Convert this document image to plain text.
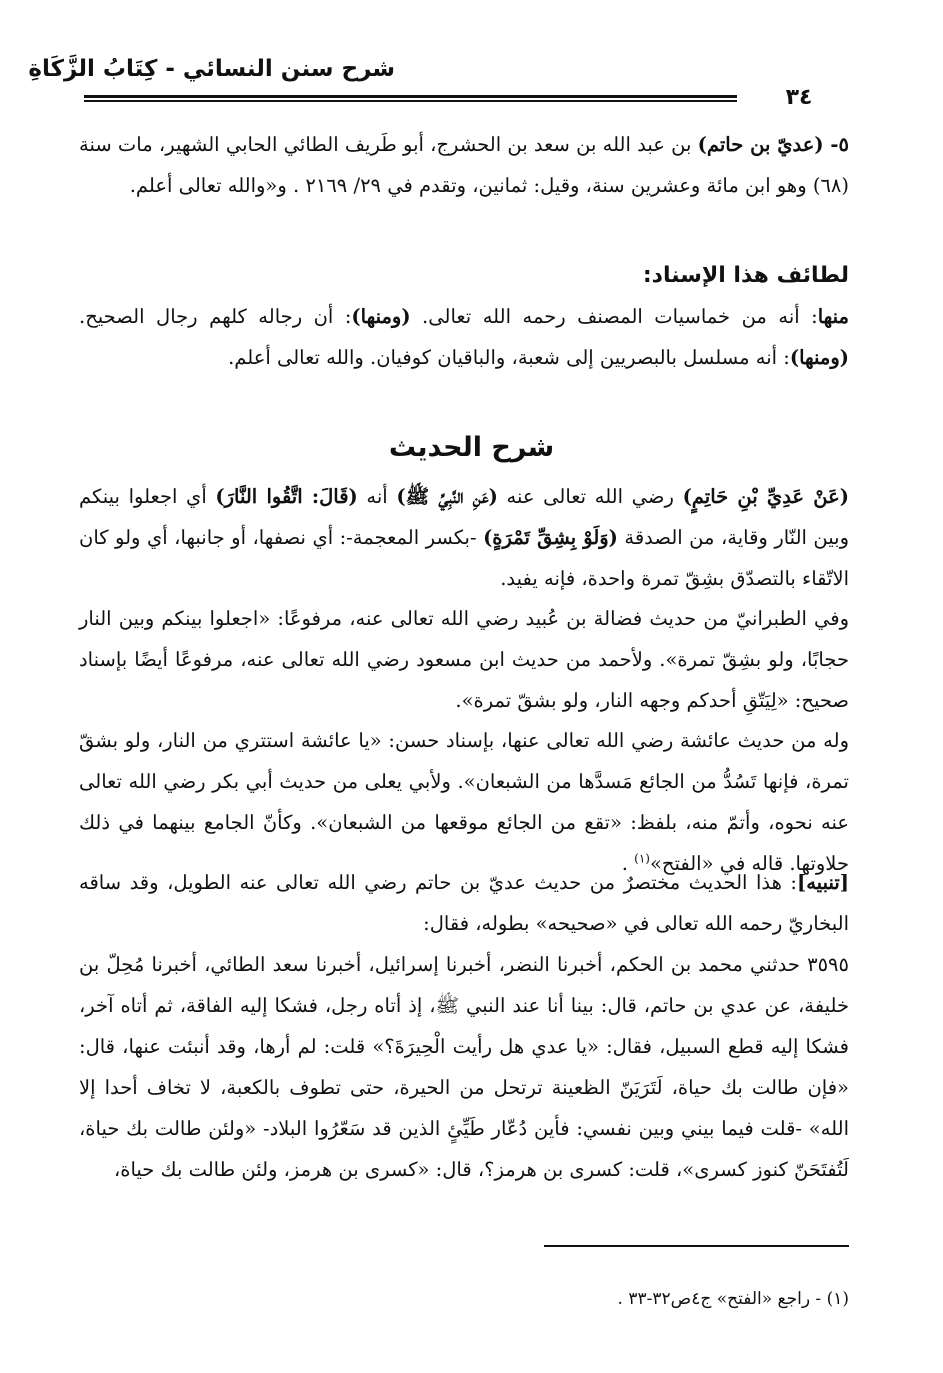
شرح سنن النسائي - كِتَابُ الزَّكَاةِ
٣٤
٥- (عديّ بن حاتم) بن عبد الله بن سعد بن الحشرج، أبو طَريف الطائي الحابي الشهير، مات سنة (٦٨) وهو ابن مائة وعشرين سنة، وقيل: ثمانين، وتقدم في ٢٩/ ٢١٦٩ . و«والله تعالى أعلم.
لطائف هذا الإسناد:
منها: أنه من خماسيات المصنف رحمه الله تعالى. (ومنها): أن رجاله كلهم رجال الصحيح. (ومنها): أنه مسلسل بالبصريين إلى شعبة، والباقيان كوفيان. والله تعالى أعلم.
شرح الحديث
(عَنْ عَدِيِّ بْنِ حَاتِمٍ) رضي الله تعالى عنه (عَنِ النَّبِيِّ ﷺ) أنه (قَالَ: اتَّقُوا النَّارَ) أي اجعلوا بينكم وبين النّار وقاية، من الصدقة (وَلَوْ بِشِقِّ تَمْرَةٍ) -بكسر المعجمة-: أي نصفها، أو جانبها، أي ولو كان الاتّقاء بالتصدّق بشِقّ تمرة واحدة، فإنه يفيد.
وفي الطبرانيّ من حديث فضالة بن عُبيد رضي الله تعالى عنه، مرفوعًا: «اجعلوا بينكم وبين النار حجابًا، ولو بشِقّ تمرة». ولأحمد من حديث ابن مسعود رضي الله تعالى عنه، مرفوعًا أيضًا بإسناد صحيح: «لِيَتّقِ أحدكم وجهه النار، ولو بشقّ تمرة».
وله من حديث عائشة رضي الله تعالى عنها، بإسناد حسن: «يا عائشة استتري من النار، ولو بشقّ تمرة، فإنها تَسُدُّ من الجائع مَسدَّها من الشبعان». ولأبي يعلى من حديث أبي بكر رضي الله تعالى عنه نحوه، وأتمّ منه، بلفظ: «تقع من الجائع موقعها من الشبعان». وكأنّ الجامع بينهما في ذلك حلاوتها. قاله في «الفتح»$^{(١)}$ .
[تنبيه]: هذا الحديث مختصرٌ من حديث عديّ بن حاتم رضي الله تعالى عنه الطويل، وقد ساقه البخاريّ رحمه الله تعالى في «صحيحه» بطوله، فقال:
٣٥٩٥ حدثني محمد بن الحكم، أخبرنا النضر، أخبرنا إسرائيل، أخبرنا سعد الطائي، أخبرنا مُحِلّ بن خليفة، عن عدي بن حاتم، قال: بينا أنا عند النبي ﷺ، إذ أتاه رجل، فشكا إليه الفاقة، ثم أتاه آخر، فشكا إليه قطع السبيل، فقال: «يا عدي هل رأيت الْحِيرَةَ؟» قلت: لم أرها، وقد أنبئت عنها، قال: «فإن طالت بك حياة، لَتَرَيَنّ الظعينة ترتحل من الحيرة، حتى تطوف بالكعبة، لا تخاف أحدا إلا الله» -قلت فيما بيني وبين نفسي: فأين دُعّار طَيِّئٍ الذين قد سَعّرُوا البلاد- «ولئن طالت بك حياة، لَتُفتَحَنّ كنوز كسرى»، قلت: كسرى بن هرمز؟، قال: «كسرى بن هرمز، ولئن طالت بك حياة،
(١) - راجع «الفتح» ج٤ص٣٢-٣٣ .
